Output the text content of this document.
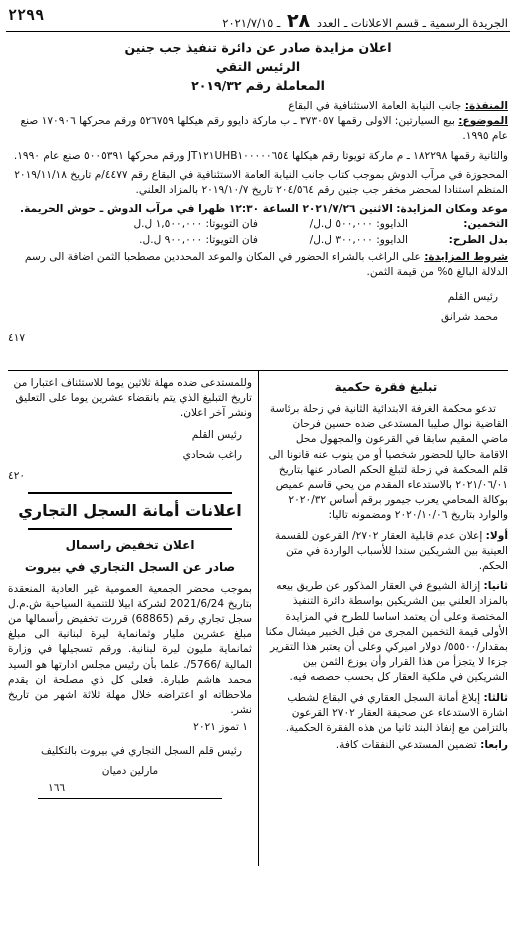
٢٢٩٩	الجريدة الرسمية ـ قسم الاعلانات ـ العدد ٢٨ ـ ٢٠٢١/٧/١٥
اعلان مزايدة صادر عن دائرة تنفيذ جب جنين
الرئيس التقي
المعاملة رقم ٢٠١٩/٣٢

المنفذة: جانب النيابة العامة الاستئنافية في البقاع

الموضوع: بيع السيارتين: الاولى رقمها ٣٧٣٠٥٧ ـ ب ماركة دايوو رقم هيكلها ٥٢٦٧٥٩ ورقم محركها ١٧٠٩٠٦ صنع عام ١٩٩٥.

والثانية رقمها ١٨٢٢٩٨ ـ م ماركة تويوتا رقم هيكلها JT١٢١UHB١٠٠٠٠٠٦٥٤ ورقم محركها ٥٠٠٥٣٩١ صنع عام ١٩٩٠.

المحجوزة في مرآب الدوش بموجب كتاب جانب النيابة العامة الاستئنافية في البقاع رقم ٤٤٧٧/م تاريخ ٢٠١٩/١١/١٨ المنظم استنادا لمحضر مخفر جب جنين رقم ٢٠٤/٥٦٤ تاريخ ٢٠١٩/١٠/٧ بالمزاد العلني.

موعد ومكان المزايدة: الاثنين ٢٠٢١/٧/٢٦ الساعة ١٢:٣٠ ظهرا في مرآب الدوش ـ حوش الحريمة.

التخمين:
الدايوو: ٥٠٠,٠٠٠ ل.ل/
فان التويوتا: ١,٥٠٠,٠٠٠ ل.ل
بدل الطرح:
الدايوو: ٣٠٠,٠٠٠ ل.ل/
فان التويوتا: ٩٠٠,٠٠٠ ل.ل.

شروط المزايدة: على الراغب بالشراء الحضور في المكان والموعد المحددين مصطحبا الثمن اضافة الى رسم الدلالة البالغ ٥% من قيمة الثمن.

رئيس القلم
محمد شرانق
٤١٧
تبليغ فقرة حكمية

تدعو محكمة الغرفة الابتدائية الثانية في زحلة برئاسة القاضية نوال صليبا المستدعى ضده حسين فرحان ماضي المقيم سابقا في القرعون والمجهول محل الاقامة حاليا للحضور شخصيا أو من ينوب عنه قانونا الى قلم المحكمة في زحلة لتبلغ الحكم الصادر عنها بتاريخ ٢٠٢١/٠٦/٠١ بالاستدعاء المقدم من يحي قاسم عميص بوكالة المحامي يعرب جيمور برقم أساس ٢٠٢٠/٣٢ والوارد بتاريخ ٢٠٢٠/١٠/٠٦ ومضمونه تاليا:

أولا: إعلان عدم قابلية العقار ٢٧٠٢/ القرعون للقسمة العينية بين الشريكين سندا للأسباب الواردة في متن الحكم.

ثانيا: إزالة الشيوع في العقار المذكور عن طريق بيعه بالمزاد العلني بين الشريكين بواسطة دائرة التنفيذ المختصة وعلى أن يعتمد اساسا للطرح في المزايدة الأولى قيمة التخمين المجرى من قبل الخبير ميشال مكنا بمقدار/٥٥٥٠٠/ دولار اميركي وعلى أن يعتبر هذا التقرير جزءا لا يتجزأ من هذا القرار وأن يوزع الثمن بين الشريكين في ملكية العقار كل بحسب حصصه فيه.

ثالثا: إبلاغ أمانة السجل العقاري في البقاع لشطب اشارة الاستدعاء عن صحيفة العقار ٢٧٠٢ القرعون بالتزامن مع إنفاذ البند ثانيا من هذه الفقرة الحكمية.

رابعا: تضمين المستدعي النفقات كافة.

وللمستدعى ضده مهلة ثلاثين يوما للاستئناف اعتبارا من تاريخ التبليغ الذي يتم بانقضاء عشرين يوما على التعليق ونشر آخر اعلان.

رئيس القلم
راغب شحادي
٤٢٠
اعلانات أمانة السجل التجاري
اعلان تخفيض راسمال
صادر عن السجل التجاري في بيروت

بموجب محضر الجمعية العمومية غير العادية المنعقدة بتاريخ 2021/6/24 لشركة ابيلا للتنمية السياحية ش.م.ل سجل تجاري رقم (68865) قررت تخفيض رأسمالها من مبلغ عشرين مليار وثمانماية ليرة لبنانية الى مبلغ ثمانماية مليون ليرة لبنانية. ورقم تسجيلها في وزارة المالية /5766/. علما بأن رئيس مجلس ادارتها هو السيد محمد هاشم طبارة. فعلى كل ذي مصلحة ان يقدم ملاحظاته او اعتراضه خلال مهلة ثلاثة اشهر من تاريخ نشر.

١ تموز ٢٠٢١
رئيس قلم السجل التجاري في بيروت بالتكليف
مارلين دميان
١٦٦
